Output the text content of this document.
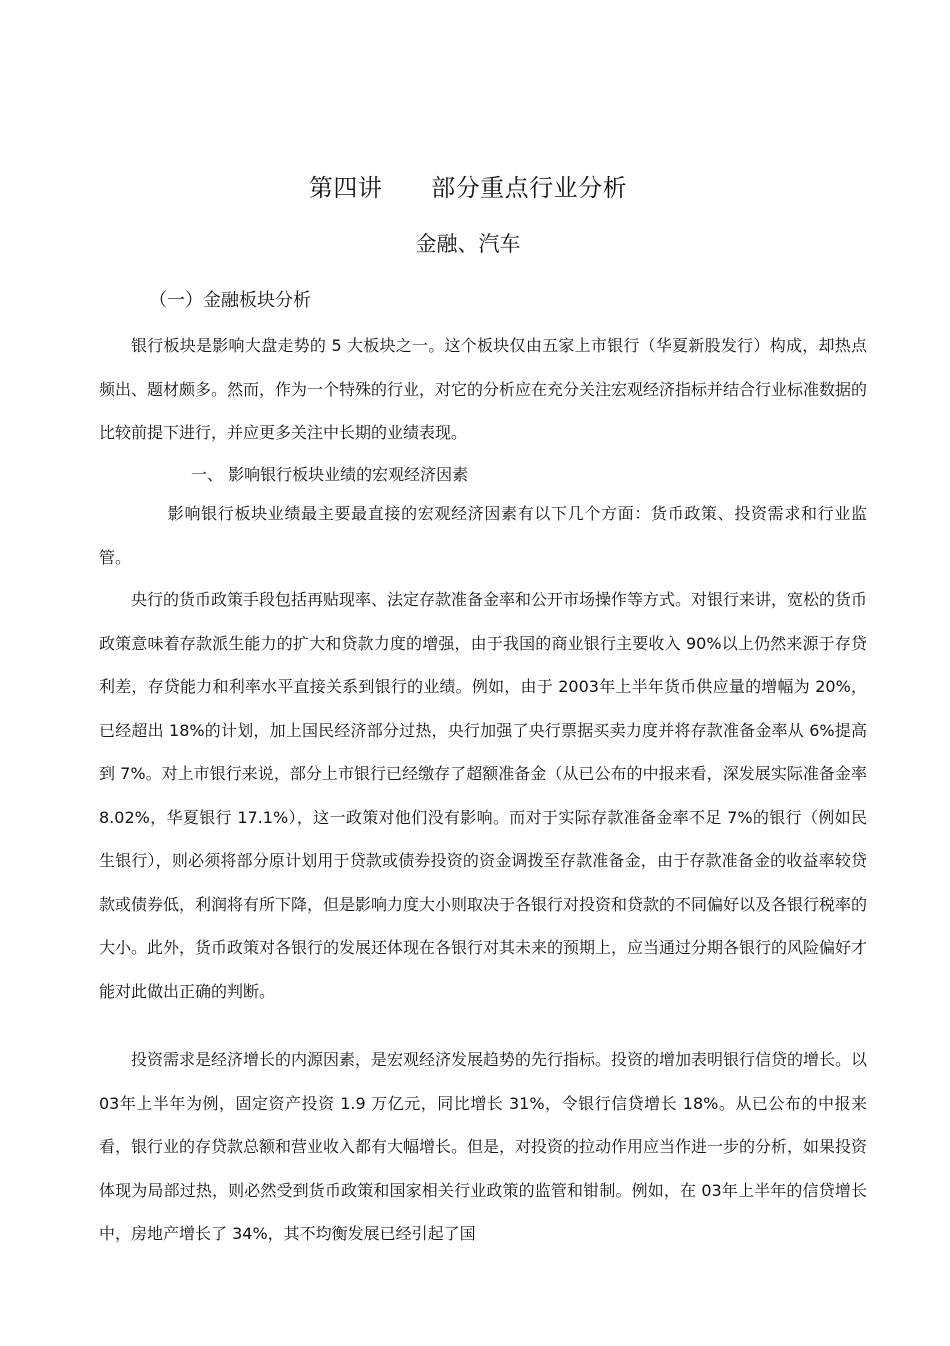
第四讲      部分重点行业分析
金融、汽车
（一）金融板块分析
银行板块是影响大盘走势的 5 大板块之一。这个板块仅由五家上市银行（华夏新股发行）构成，却热点频出、题材颇多。然而，作为一个特殊的行业，对它的分析应在充分关注宏观经济指标并结合行业标准数据的比较前提下进行，并应更多关注中长期的业绩表现。
一、 影响银行板块业绩的宏观经济因素
影响银行板块业绩最主要最直接的宏观经济因素有以下几个方面：货币政策、投资需求和行业监管。
央行的货币政策手段包括再贴现率、法定存款准备金率和公开市场操作等方式。对银行来讲，宽松的货币政策意味着存款派生能力的扩大和贷款力度的增强，由于我国的商业银行主要收入 90%以上仍然来源于存贷利差，存贷能力和利率水平直接关系到银行的业绩。例如，由于 2003年上半年货币供应量的增幅为 20%，已经超出 18%的计划，加上国民经济部分过热，央行加强了央行票据买卖力度并将存款准备金率从 6%提高到 7%。对上市银行来说，部分上市银行已经缴存了超额准备金（从已公布的中报来看，深发展实际准备金率 8.02%，华夏银行 17.1%），这一政策对他们没有影响。而对于实际存款准备金率不足 7%的银行（例如民生银行），则必须将部分原计划用于贷款或债券投资的资金调拨至存款准备金，由于存款准备金的收益率较贷款或债券低，利润将有所下降，但是影响力度大小则取决于各银行对投资和贷款的不同偏好以及各银行税率的大小。此外，货币政策对各银行的发展还体现在各银行对其未来的预期上，应当通过分期各银行的风险偏好才能对此做出正确的判断。
投资需求是经济增长的内源因素，是宏观经济发展趋势的先行指标。投资的增加表明银行信贷的增长。以 03年上半年为例，固定资产投资 1.9 万亿元，同比增长 31%，令银行信贷增长 18%。从已公布的中报来看，银行业的存贷款总额和营业收入都有大幅增长。但是，对投资的拉动作用应当作进一步的分析，如果投资体现为局部过热，则必然受到货币政策和国家相关行业政策的监管和钳制。例如，在 03年上半年的信贷增长中，房地产增长了 34%，其不均衡发展已经引起了国
